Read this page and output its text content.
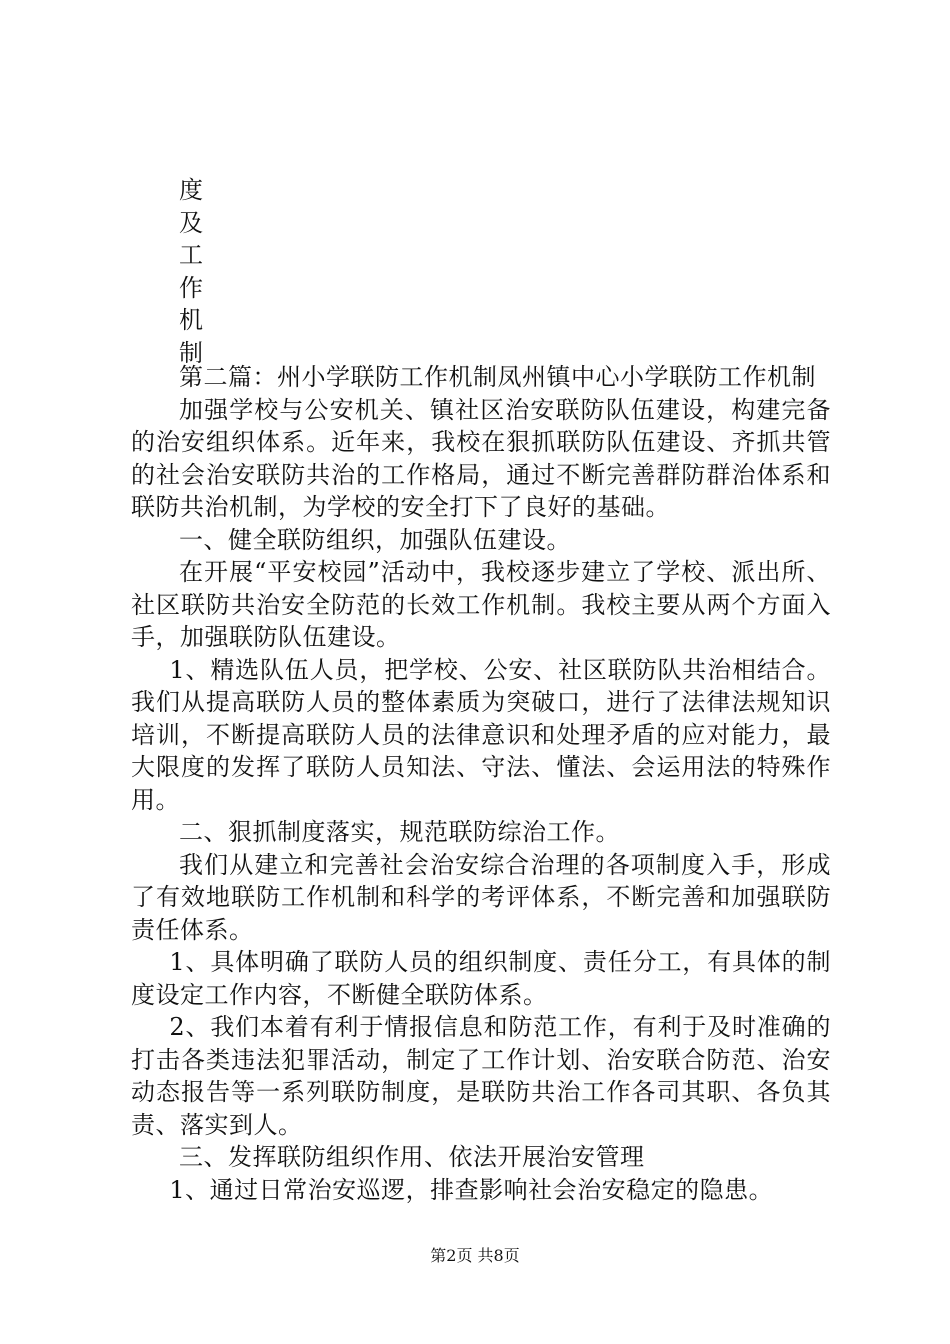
度
及
工
作
机
制

第二篇：州小学联防工作机制凤州镇中心小学联防工作机制

加强学校与公安机关、镇社区治安联防队伍建设，构建完备的治安组织体系。近年来，我校在狠抓联防队伍建设、齐抓共管的社会治安联防共治的工作格局，通过不断完善群防群治体系和联防共治机制，为学校的安全打下了良好的基础。

一、健全联防组织，加强队伍建设。

在开展“平安校园”活动中，我校逐步建立了学校、派出所、社区联防共治安全防范的长效工作机制。我校主要从两个方面入手，加强联防队伍建设。

1、精选队伍人员，把学校、公安、社区联防队共治相结合。我们从提高联防人员的整体素质为突破口，进行了法律法规知识培训，不断提高联防人员的法律意识和处理矛盾的应对能力，最大限度的发挥了联防人员知法、守法、懂法、会运用法的特殊作用。

二、狠抓制度落实，规范联防综治工作。

我们从建立和完善社会治安综合治理的各项制度入手，形成了有效地联防工作机制和科学的考评体系，不断完善和加强联防责任体系。

1、具体明确了联防人员的组织制度、责任分工，有具体的制度设定工作内容，不断健全联防体系。

2、我们本着有利于情报信息和防范工作，有利于及时准确的打击各类违法犯罪活动，制定了工作计划、治安联合防范、治安动态报告等一系列联防制度，是联防共治工作各司其职、各负其责、落实到人。

三、发挥联防组织作用、依法开展治安管理

1、通过日常治安巡逻，排查影响社会治安稳定的隐患。

第2页 共8页
